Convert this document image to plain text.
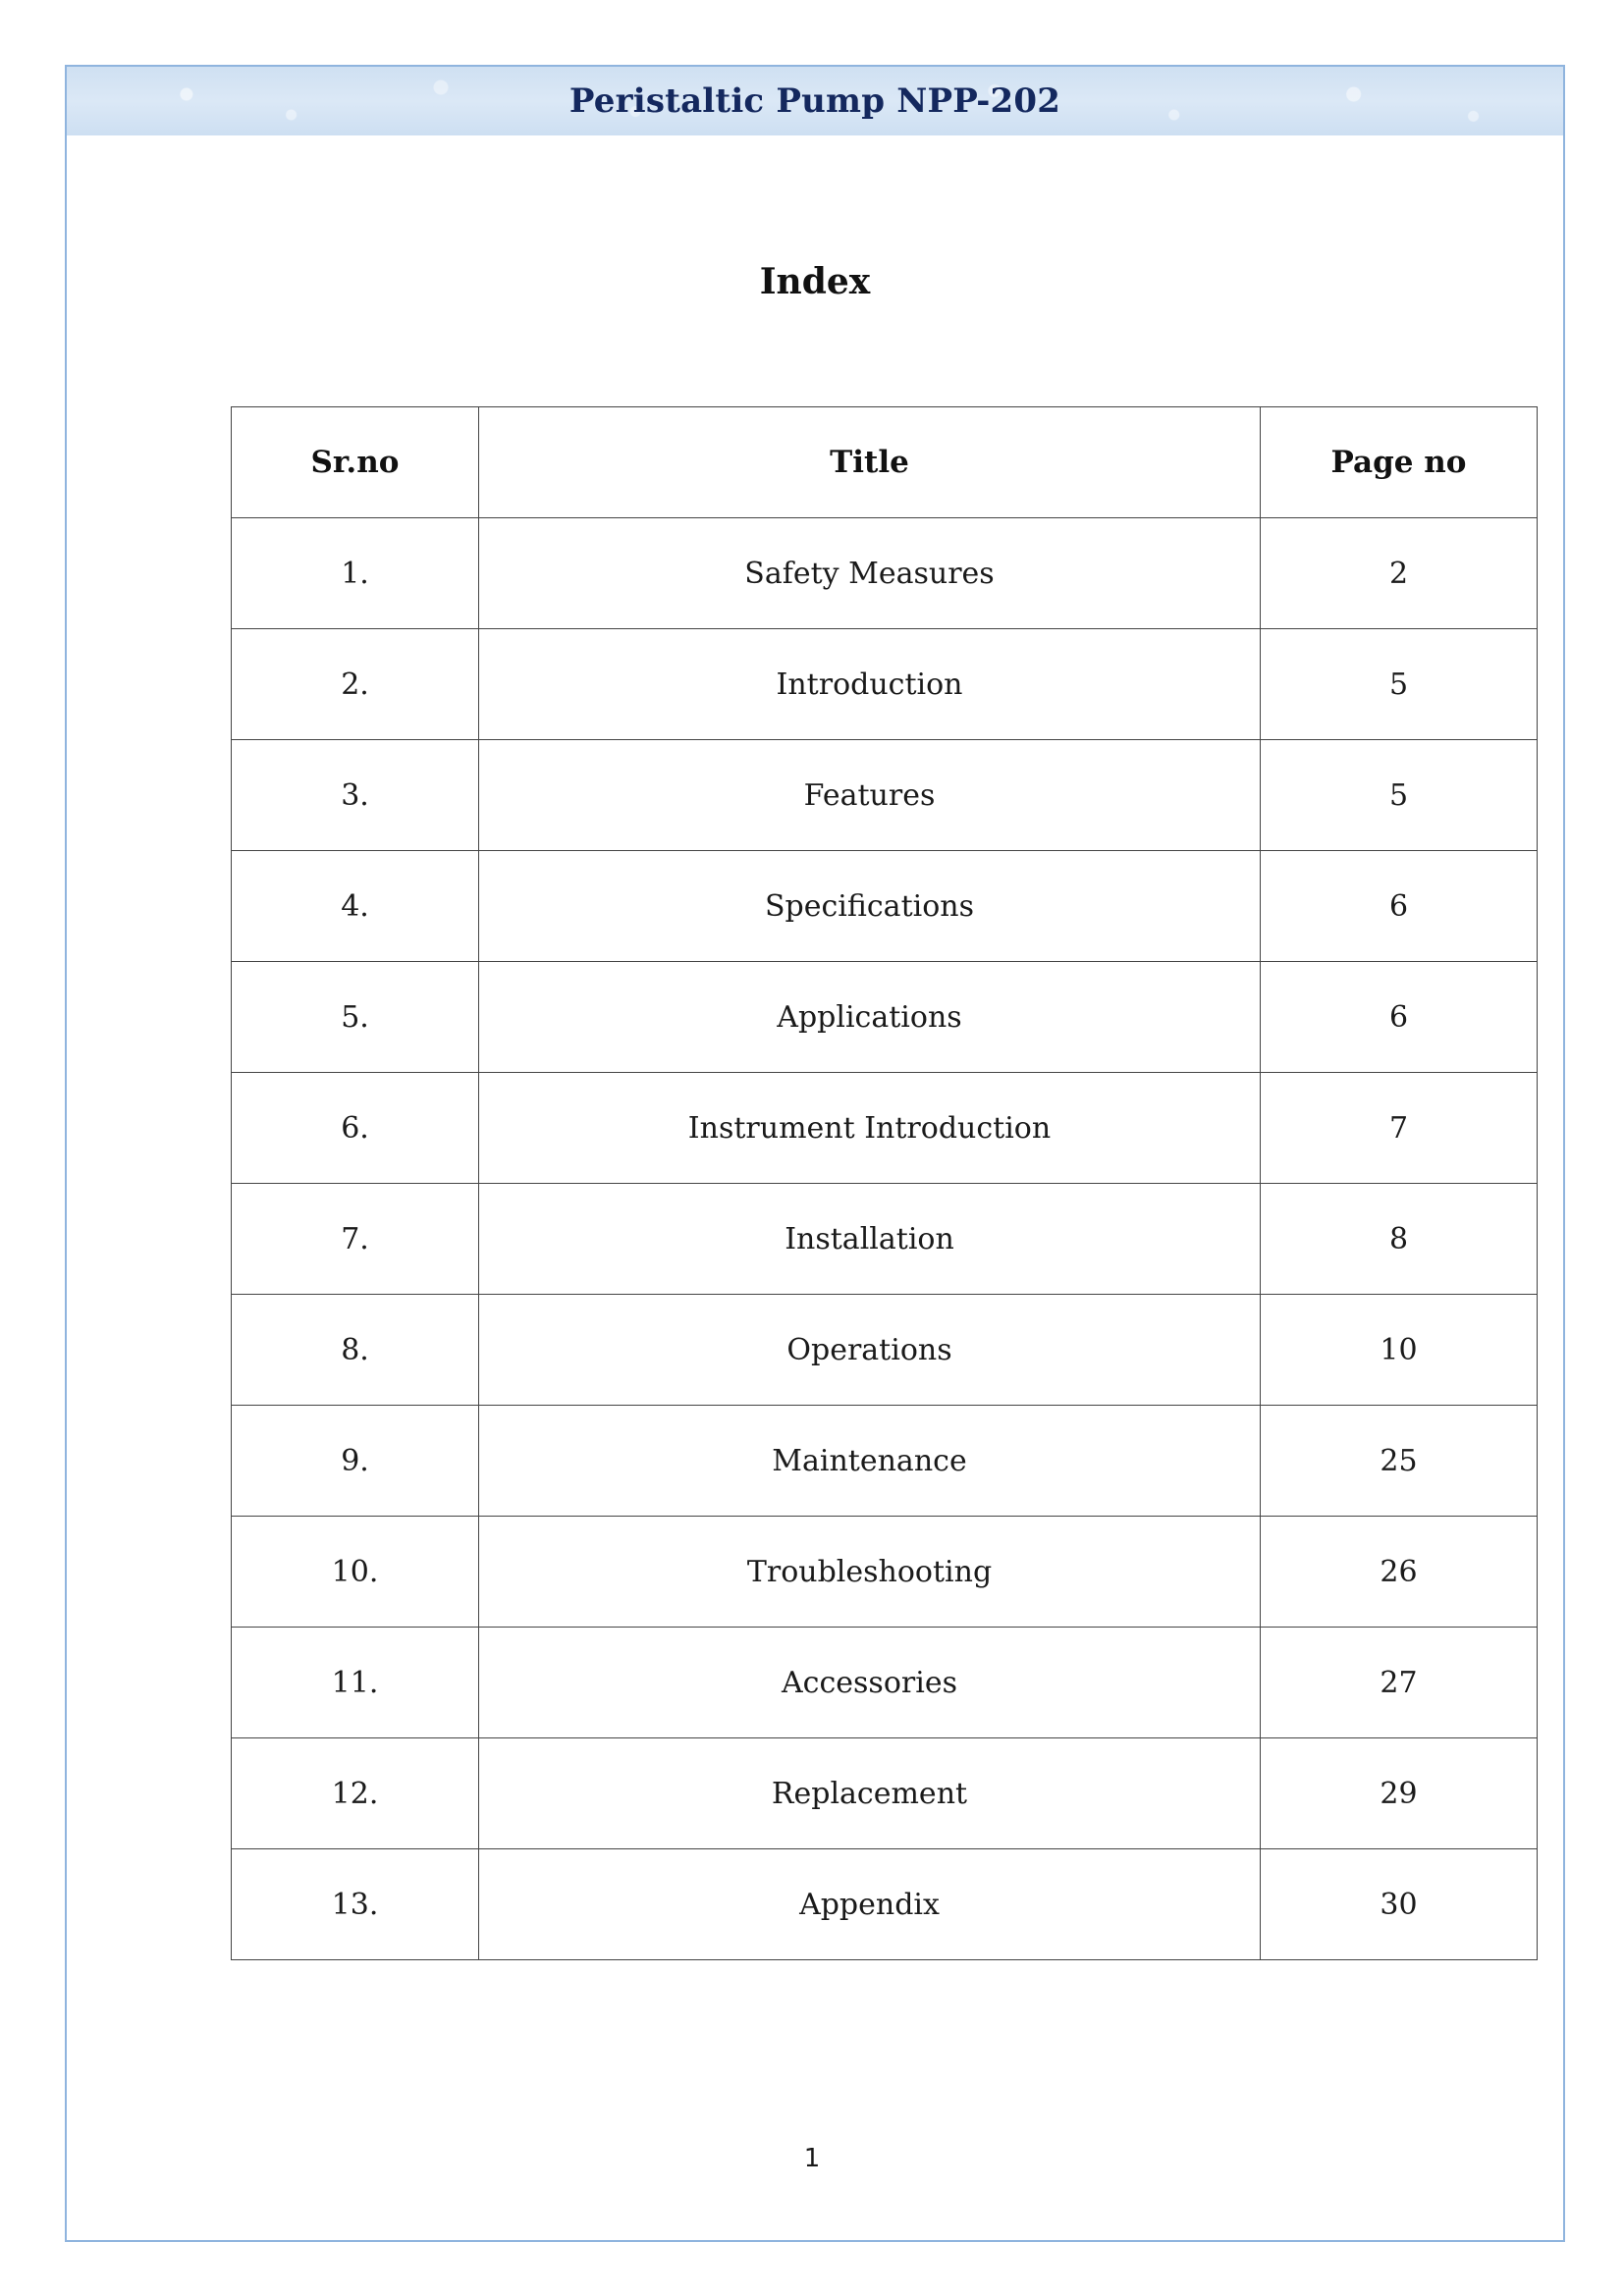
Peristaltic Pump NPP-202
Index
Sr.no	Title	Page no
1.	Safety Measures	2
2.	Introduction	5
3.	Features	5
4.	Specifications	6
5.	Applications	6
6.	Instrument Introduction	7
7.	Installation	8
8.	Operations	10
9.	Maintenance	25
10.	Troubleshooting	26
11.	Accessories	27
12.	Replacement	29
13.	Appendix	30
1
